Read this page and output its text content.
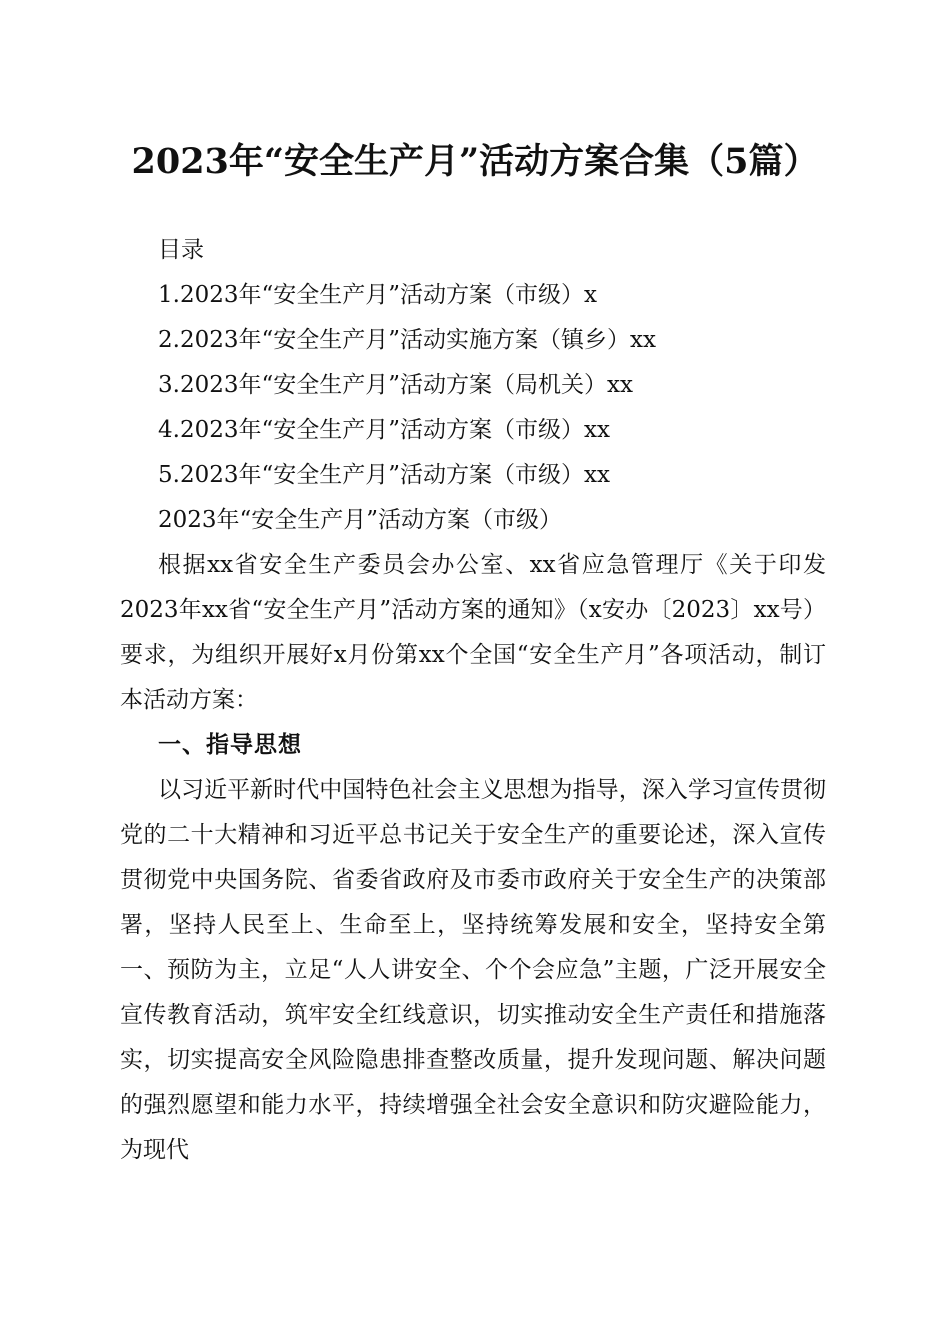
2023年“安全生产月”活动方案合集（5篇）
目录
1.2023年“安全生产月”活动方案（市级）x
2.2023年“安全生产月”活动实施方案（镇乡）xx
3.2023年“安全生产月”活动方案（局机关）xx
4.2023年“安全生产月”活动方案（市级）xx
5.2023年“安全生产月”活动方案（市级）xx
2023年“安全生产月”活动方案（市级）

根据xx省安全生产委员会办公室、xx省应急管理厅《关于印发2023年xx省“安全生产月”活动方案的通知》（x安办〔2023〕xx号）要求，为组织开展好x月份第xx个全国“安全生产月”各项活动，制订本活动方案：

一、指导思想

以习近平新时代中国特色社会主义思想为指导，深入学习宣传贯彻党的二十大精神和习近平总书记关于安全生产的重要论述，深入宣传贯彻党中央国务院、省委省政府及市委市政府关于安全生产的决策部署，坚持人民至上、生命至上，坚持统筹发展和安全，坚持安全第一、预防为主，立足“人人讲安全、个个会应急”主题，广泛开展安全宣传教育活动，筑牢安全红线意识，切实推动安全生产责任和措施落实，切实提高安全风险隐患排查整改质量，提升发现问题、解决问题的强烈愿望和能力水平，持续增强全社会安全意识和防灾避险能力，为现代
